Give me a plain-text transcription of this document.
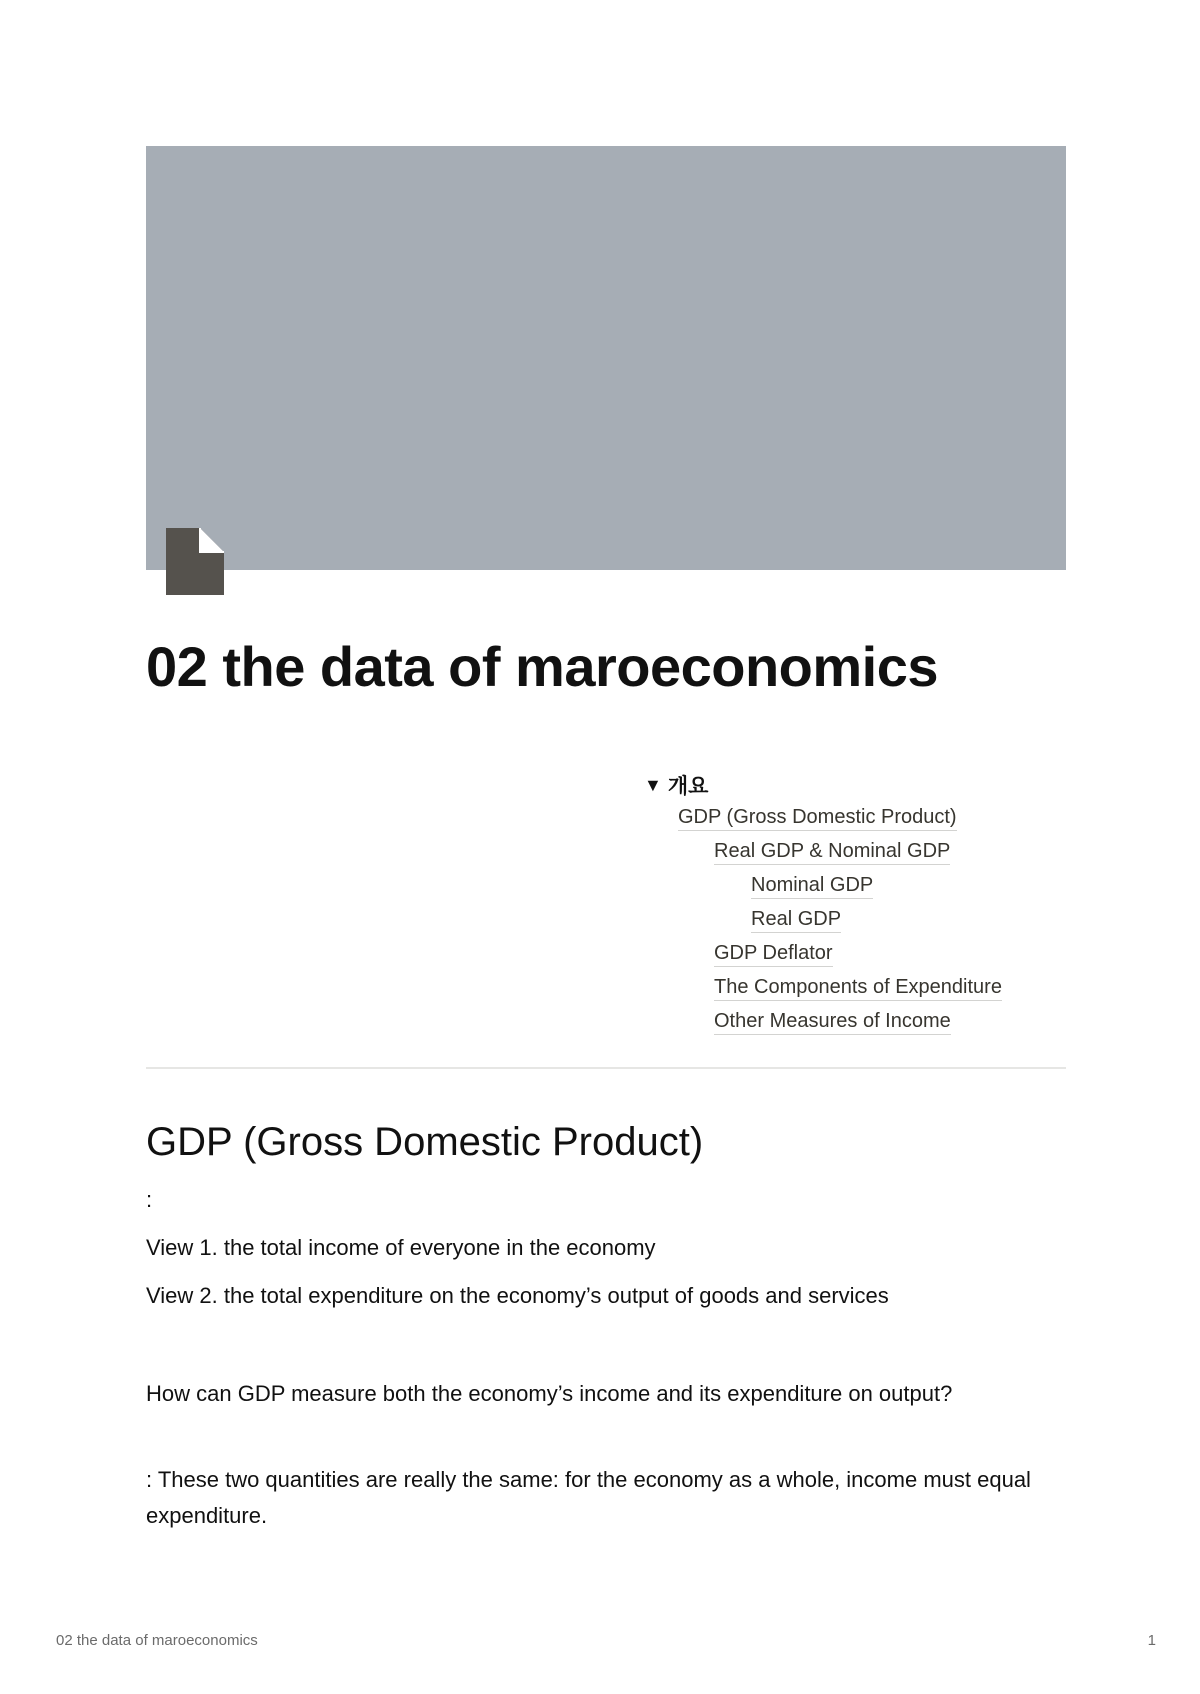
02 the data of maroeconomics
▼ 개요
GDP (Gross Domestic Product)
Real GDP & Nominal GDP
Nominal GDP
Real GDP
GDP Deflator
The Components of Expenditure
Other Measures of Income
GDP (Gross Domestic Product)

:

View 1. the total income of everyone in the economy

View 2. the total expenditure on the economy’s output of goods and services

How can GDP measure both the economy’s income and its expenditure on output?

: These two quantities are really the same: for the economy as a whole, income must equal expenditure.

02 the data of maroeconomics	1
